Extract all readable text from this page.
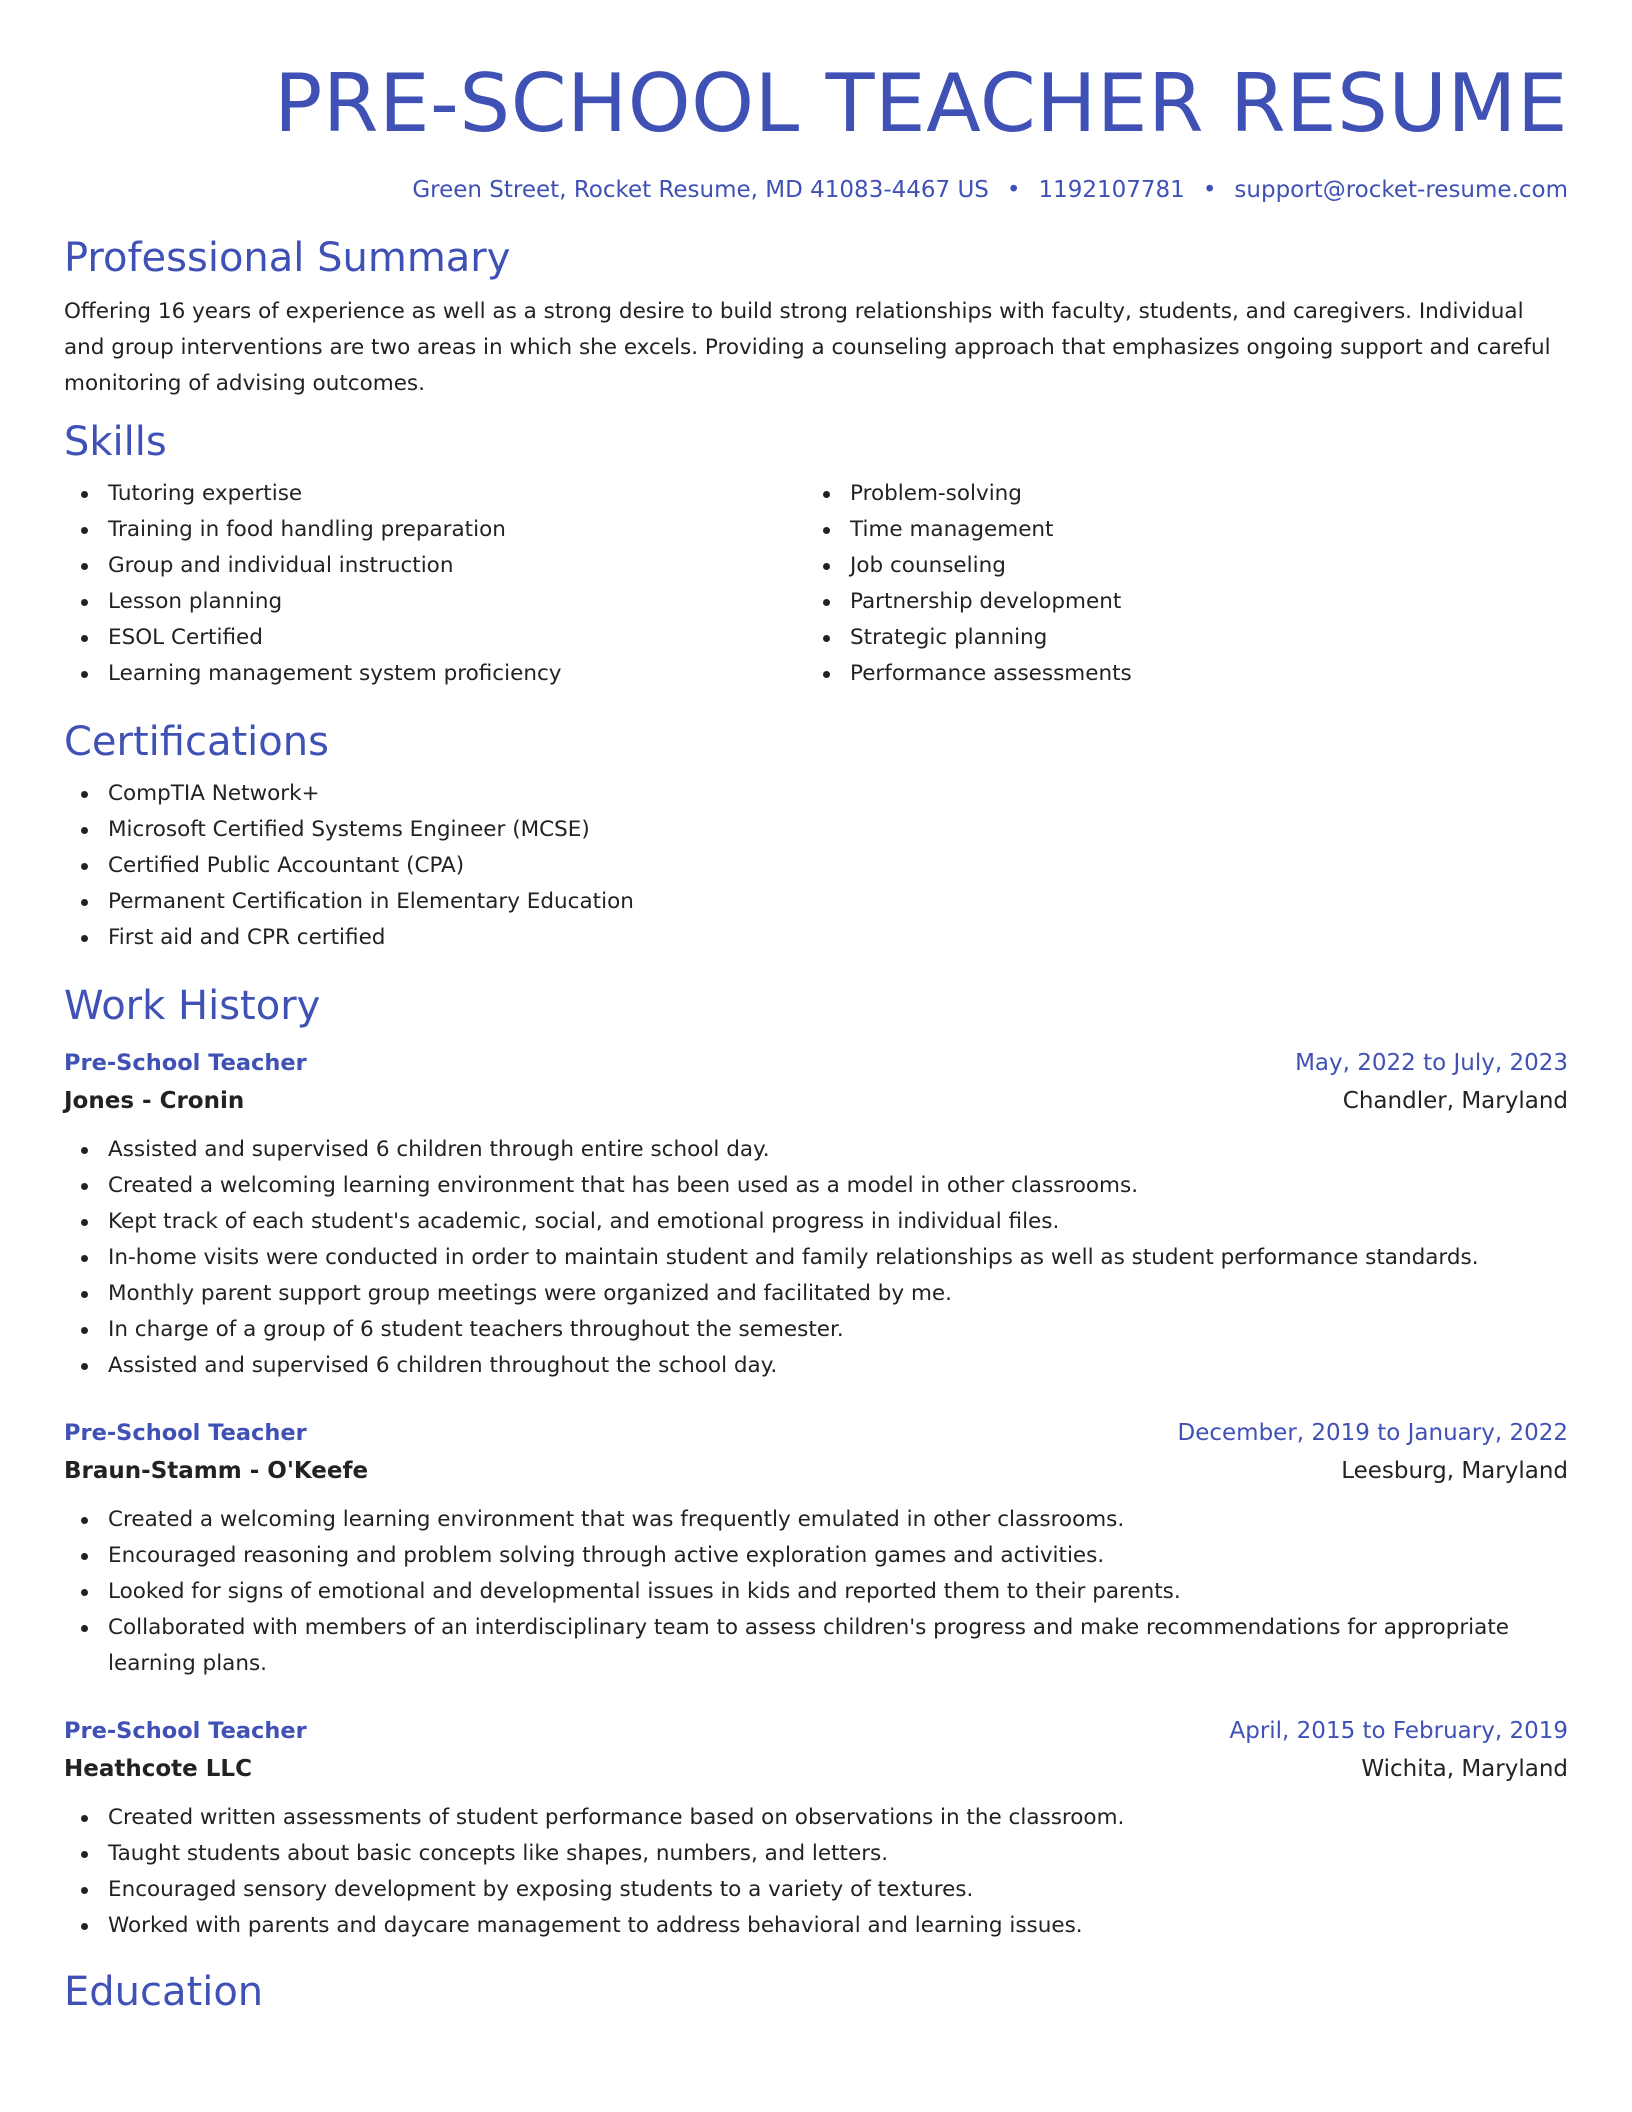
PRE-SCHOOL TEACHER RESUME
Green Street, Rocket Resume, MD 41083-4467 US • 1192107781 • support@rocket-resume.com
Professional Summary

Offering 16 years of experience as well as a strong desire to build strong relationships with faculty, students, and caregivers. Individual and group interventions are two areas in which she excels. Providing a counseling approach that emphasizes ongoing support and careful monitoring of advising outcomes.

Skills
Tutoring expertise
Training in food handling preparation
Group and individual instruction
Lesson planning
ESOL Certified
Learning management system proficiency
Problem-solving
Time management
Job counseling
Partnership development
Strategic planning
Performance assessments
Certifications
CompTIA Network+
Microsoft Certified Systems Engineer (MCSE)
Certified Public Accountant (CPA)
Permanent Certification in Elementary Education
First aid and CPR certified
Work History
Pre-School Teacher	May, 2022 to July, 2023
Jones - Cronin	Chandler, Maryland
Assisted and supervised 6 children through entire school day.
Created a welcoming learning environment that has been used as a model in other classrooms.
Kept track of each student's academic, social, and emotional progress in individual files.
In-home visits were conducted in order to maintain student and family relationships as well as student performance standards.
Monthly parent support group meetings were organized and facilitated by me.
In charge of a group of 6 student teachers throughout the semester.
Assisted and supervised 6 children throughout the school day.
Pre-School Teacher	December, 2019 to January, 2022
Braun-Stamm - O'Keefe	Leesburg, Maryland
Created a welcoming learning environment that was frequently emulated in other classrooms.
Encouraged reasoning and problem solving through active exploration games and activities.
Looked for signs of emotional and developmental issues in kids and reported them to their parents.
Collaborated with members of an interdisciplinary team to assess children's progress and make recommendations for appropriate learning plans.
Pre-School Teacher	April, 2015 to February, 2019
Heathcote LLC	Wichita, Maryland
Created written assessments of student performance based on observations in the classroom.
Taught students about basic concepts like shapes, numbers, and letters.
Encouraged sensory development by exposing students to a variety of textures.
Worked with parents and daycare management to address behavioral and learning issues.
Education
